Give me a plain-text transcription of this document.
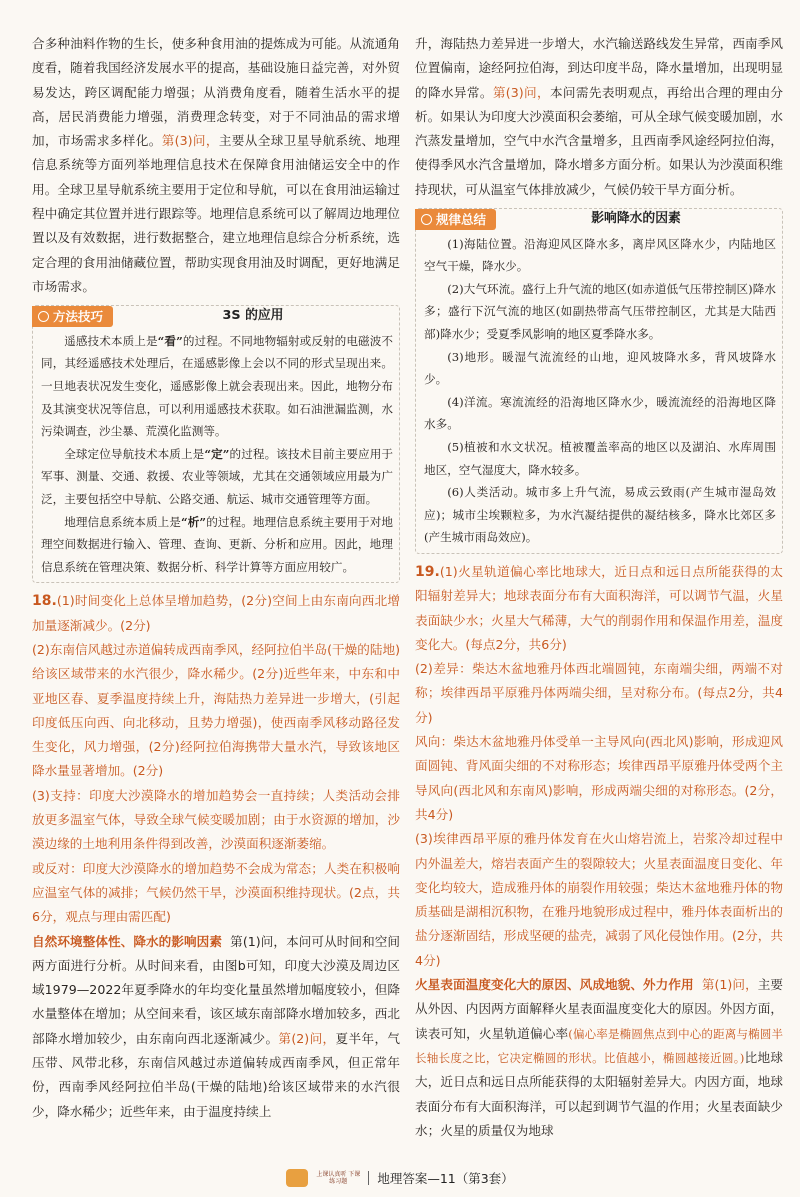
合多种油料作物的生长，使多种食用油的提炼成为可能。从流通角度看，随着我国经济发展水平的提高，基础设施日益完善，对外贸易发达，跨区调配能力增强；从消费角度看，随着生活水平的提高，居民消费能力增强，消费理念转变，对于不同油品的需求增加，市场需求多样化。第(3)问，主要从全球卫星导航系统、地理信息系统等方面列举地理信息技术在保障食用油储运安全中的作用。全球卫星导航系统主要用于定位和导航，可以在食用油运输过程中确定其位置并进行跟踪等。地理信息系统可以了解周边地理位置以及有效数据，进行数据整合，建立地理信息综合分析系统，选定合理的食用油储藏位置，帮助实现食用油及时调配，更好地满足市场需求。

方法技巧	3S 的应用

遥感技术本质上是“看”的过程。不同地物辐射或反射的电磁波不同，其经遥感技术处理后，在遥感影像上会以不同的形式呈现出来。一旦地表状况发生变化，遥感影像上就会表现出来。因此，地物分布及其演变状况等信息，可以利用遥感技术获取。如石油泄漏监测，水污染调查，沙尘暴、荒漠化监测等。

全球定位导航技术本质上是“定”的过程。该技术目前主要应用于军事、测量、交通、救援、农业等领域，尤其在交通领域应用最为广泛，主要包括空中导航、公路交通、航运、城市交通管理等方面。

地理信息系统本质上是“析”的过程。地理信息系统主要用于对地理空间数据进行输入、管理、查询、更新、分析和应用。因此，地理信息系统在管理决策、数据分析、科学计算等方面应用较广。

18.(1)时间变化上总体呈增加趋势，(2分)空间上由东南向西北增加量逐渐减少。(2分)

(2)东南信风越过赤道偏转成西南季风，经阿拉伯半岛(干燥的陆地)给该区域带来的水汽很少，降水稀少。(2分)近些年来，中东和中亚地区春、夏季温度持续上升，海陆热力差异进一步增大，(引起印度低压向西、向北移动，且势力增强)，使西南季风移动路径发生变化，风力增强，(2分)经阿拉伯海携带大量水汽，导致该地区降水量显著增加。(2分)

(3)支持：印度大沙漠降水的增加趋势会一直持续；人类活动会排放更多温室气体，导致全球气候变暖加剧；由于水资源的增加，沙漠边缘的土地利用条件得到改善，沙漠面积逐渐萎缩。

或反对：印度大沙漠降水的增加趋势不会成为常态；人类在积极响应温室气体的减排；气候仍然干旱，沙漠面积维持现状。(2点，共6分，观点与理由需匹配)

自然环境整体性、降水的影响因素 第(1)问，本问可从时间和空间两方面进行分析。从时间来看，由图b可知，印度大沙漠及周边区域1979—2022年夏季降水的年均变化量虽然增加幅度较小，但降水量整体在增加；从空间来看，该区域东南部降水增加较多，西北部降水增加较少，由东南向西北逐渐减少。第(2)问，夏半年，气压带、风带北移，东南信风越过赤道偏转成西南季风，但正常年份，西南季风经阿拉伯半岛(干燥的陆地)给该区域带来的水汽很少，降水稀少；近些年来，由于温度持续上

升，海陆热力差异进一步增大，水汽输送路线发生异常，西南季风位置偏南，途经阿拉伯海，到达印度半岛，降水量增加，出现明显的降水异常。第(3)问，本问需先表明观点，再给出合理的理由分析。如果认为印度大沙漠面积会萎缩，可从全球气候变暖加剧，水汽蒸发量增加，空气中水汽含量增多，且西南季风途经阿拉伯海，使得季风水汽含量增加，降水增多方面分析。如果认为沙漠面积维持现状，可从温室气体排放减少，气候仍较干旱方面分析。

规律总结	影响降水的因素

(1)海陆位置。沿海迎风区降水多，离岸风区降水少，内陆地区空气干燥，降水少。

(2)大气环流。盛行上升气流的地区(如赤道低气压带控制区)降水多；盛行下沉气流的地区(如副热带高气压带控制区，尤其是大陆西部)降水少；受夏季风影响的地区夏季降水多。

(3)地形。暖湿气流流经的山地，迎风坡降水多，背风坡降水少。

(4)洋流。寒流流经的沿海地区降水少，暖流流经的沿海地区降水多。

(5)植被和水文状况。植被覆盖率高的地区以及湖泊、水库周围地区，空气湿度大，降水较多。

(6)人类活动。城市多上升气流，易成云致雨(产生城市湿岛效应)；城市尘埃颗粒多，为水汽凝结提供的凝结核多，降水比郊区多(产生城市雨岛效应)。

19.(1)火星轨道偏心率比地球大，近日点和远日点所能获得的太阳辐射差异大；地球表面分布有大面积海洋，可以调节气温，火星表面缺少水；火星大气稀薄，大气的削弱作用和保温作用差，温度变化大。(每点2分，共6分)

(2)差异：柴达木盆地雅丹体西北端圆钝，东南端尖细，两端不对称；埃律西昂平原雅丹体两端尖细，呈对称分布。(每点2分，共4分)

风向：柴达木盆地雅丹体受单一主导风向(西北风)影响，形成迎风面圆钝、背风面尖细的不对称形态；埃律西昂平原雅丹体受两个主导风向(西北风和东南风)影响，形成两端尖细的对称形态。(2分，共4分)

(3)埃律西昂平原的雅丹体发育在火山熔岩流上，岩浆冷却过程中内外温差大，熔岩表面产生的裂隙较大；火星表面温度日变化、年变化均较大，造成雅丹体的崩裂作用较强；柴达木盆地雅丹体的物质基础是湖相沉积物，在雅丹地貌形成过程中，雅丹体表面析出的盐分逐渐固结，形成坚硬的盐壳，减弱了风化侵蚀作用。(2分，共4分)

火星表面温度变化大的原因、风成地貌、外力作用 第(1)问，主要从外因、内因两方面解释火星表面温度变化大的原因。外因方面，读表可知，火星轨道偏心率(偏心率是椭圆焦点到中心的距离与椭圆半长轴长度之比，它决定椭圆的形状。比值越小，椭圆越接近圆。)比地球大，近日点和远日点所能获得的太阳辐射差异大。内因方面，地球表面分布有大面积海洋，可以起到调节气温的作用；火星表面缺少水；火星的质量仅为地球

上课认真听 下课练习题	地理答案—11（第3套）
